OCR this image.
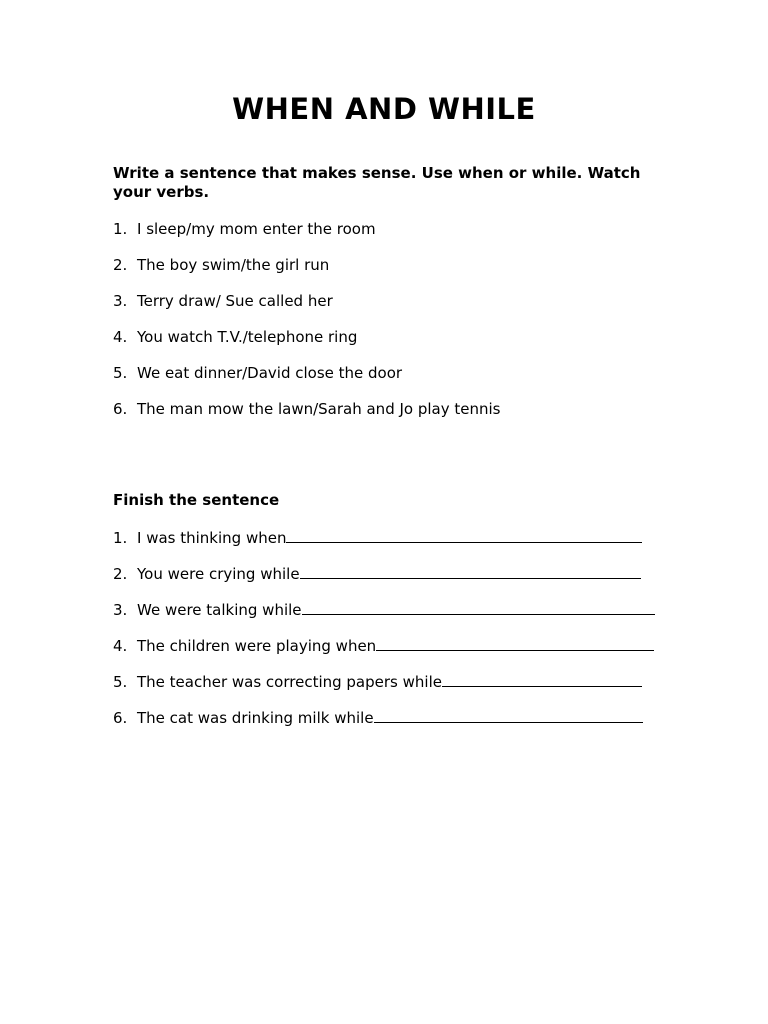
WHEN AND WHILE

Write a sentence that makes sense. Use when or while. Watch your verbs.

1. I sleep/my mom enter the room
2. The boy swim/the girl run
3. Terry draw/ Sue called her
4. You watch T.V./telephone ring
5. We eat dinner/David close the door
6. The man mow the lawn/Sarah and Jo play tennis

Finish the sentence

1. I was thinking when
2. You were crying while
3. We were talking while
4. The children were playing when
5. The teacher was correcting papers while
6. The cat was drinking milk while
